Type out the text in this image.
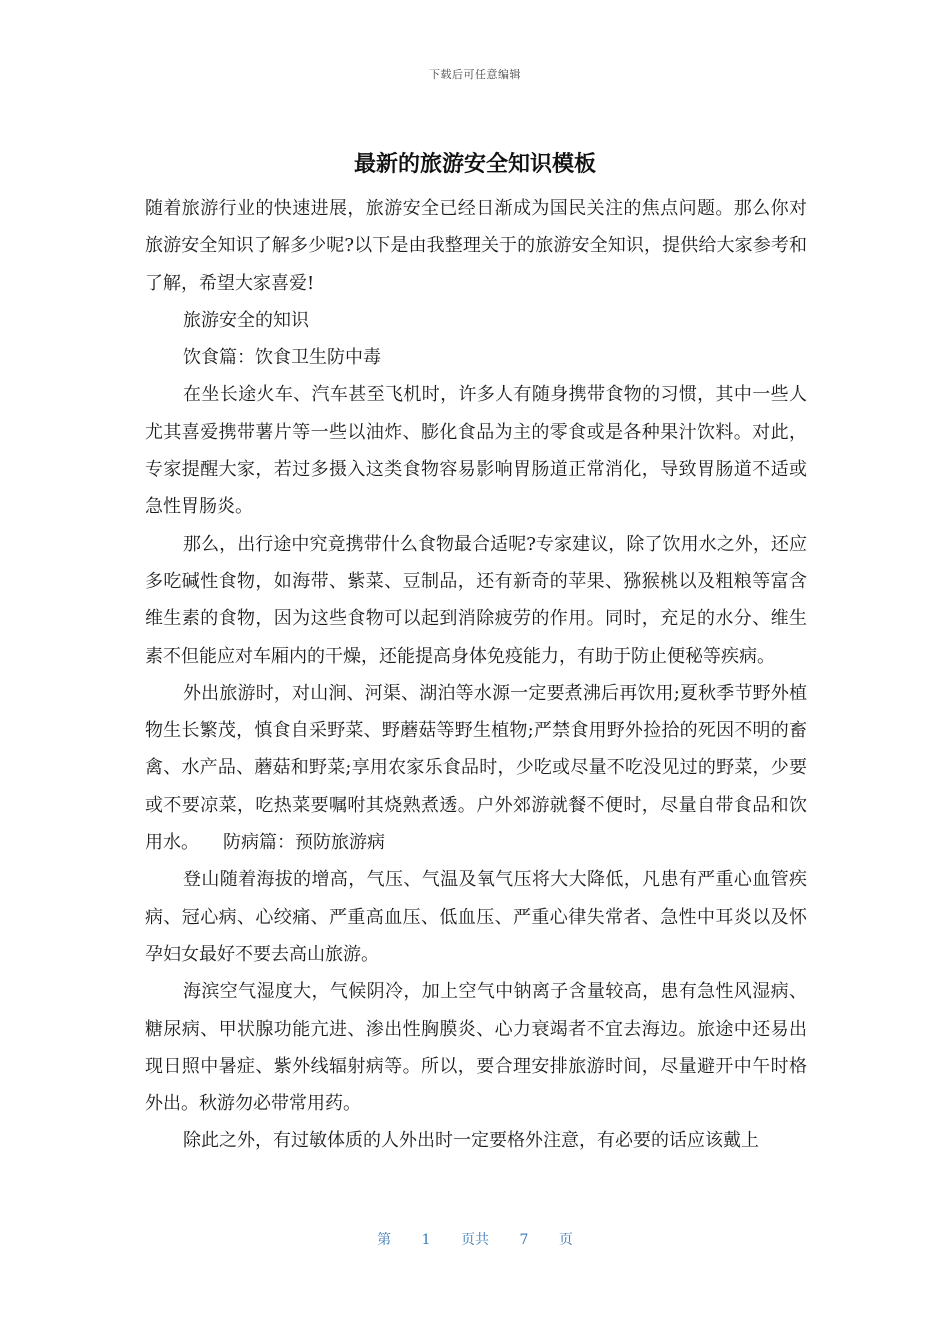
下载后可任意编辑
最新的旅游安全知识模板

随着旅游行业的快速进展，旅游安全已经日渐成为国民关注的焦点问题。那么你对旅游安全知识了解多少呢?以下是由我整理关于的旅游安全知识，提供给大家参考和了解，希望大家喜爱!

旅游安全的知识

饮食篇：饮食卫生防中毒

在坐长途火车、汽车甚至飞机时，许多人有随身携带食物的习惯，其中一些人尤其喜爱携带薯片等一些以油炸、膨化食品为主的零食或是各种果汁饮料。对此，专家提醒大家，若过多摄入这类食物容易影响胃肠道正常消化，导致胃肠道不适或急性胃肠炎。

那么，出行途中究竟携带什么食物最合适呢?专家建议，除了饮用水之外，还应多吃碱性食物，如海带、紫菜、豆制品，还有新奇的苹果、猕猴桃以及粗粮等富含维生素的食物，因为这些食物可以起到消除疲劳的作用。同时，充足的水分、维生素不但能应对车厢内的干燥，还能提高身体免疫能力，有助于防止便秘等疾病。

外出旅游时，对山涧、河渠、湖泊等水源一定要煮沸后再饮用;夏秋季节野外植物生长繁茂，慎食自采野菜、野蘑菇等野生植物;严禁食用野外捡拾的死因不明的畜禽、水产品、蘑菇和野菜;享用农家乐食品时，少吃或尽量不吃没见过的野菜，少要或不要凉菜，吃热菜要嘱咐其烧熟煮透。户外郊游就餐不便时，尽量自带食品和饮用水。 防病篇：预防旅游病

登山随着海拔的增高，气压、气温及氧气压将大大降低，凡患有严重心血管疾病、冠心病、心绞痛、严重高血压、低血压、严重心律失常者、急性中耳炎以及怀孕妇女最好不要去高山旅游。

海滨空气湿度大，气候阴冷，加上空气中钠离子含量较高，患有急性风湿病、糖尿病、甲状腺功能亢进、渗出性胸膜炎、心力衰竭者不宜去海边。旅途中还易出现日照中暑症、紫外线辐射病等。所以，要合理安排旅游时间，尽量避开中午时格外出。秋游勿必带常用药。

除此之外，有过敏体质的人外出时一定要格外注意，有必要的话应该戴上

第 1 页共 7 页
